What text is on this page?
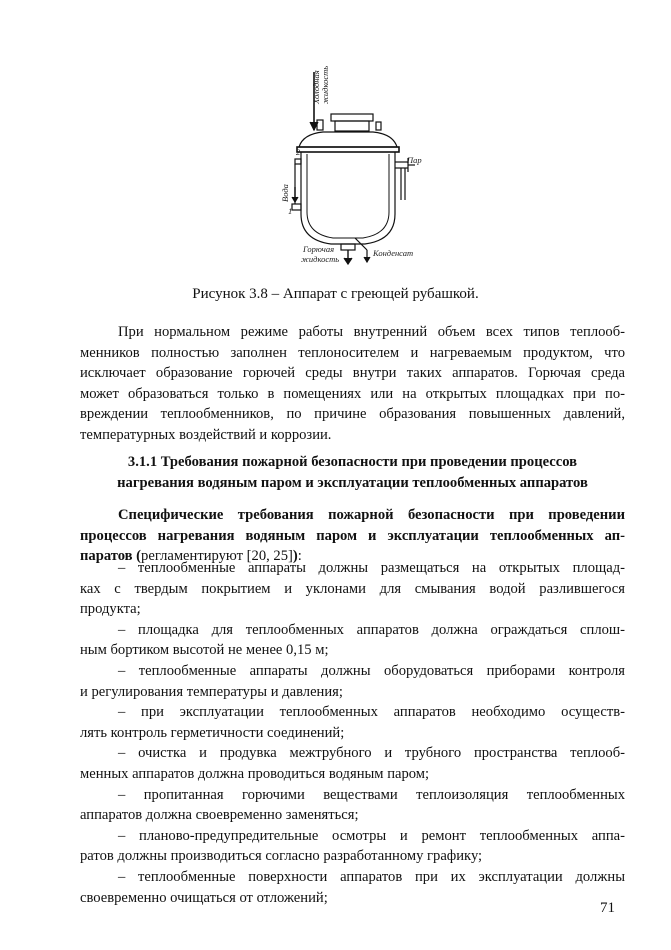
Холодная жидкость
Пар
Вода
2
1
Горючая
жидкость
Конденсат
Рисунок 3.8 – Аппарат с греющей рубашкой.
При нормальном режиме работы внутренний объем всех типов теплооб-
менников полностью заполнен теплоносителем и нагреваемым продуктом, что
исключает образование горючей среды внутри таких аппаратов. Горючая среда
может образоваться только в помещениях или на открытых площадках при по-
вреждении теплообменников, по причине образования повышенных давлений,
температурных воздействий и коррозии.
3.1.1 Требования пожарной безопасности при проведении процессов
нагревания водяным паром и эксплуатации теплообменных аппаратов
Специфические требования пожарной безопасности при проведении
процессов нагревания водяным паром и эксплуатации теплообменных ап-
паратов (регламентируют [20, 25]):
– теплообменные аппараты должны размещаться на открытых площад-
ках с твердым покрытием и уклонами для смывания водой разлившегося
продукта;
– площадка для теплообменных аппаратов должна ограждаться сплош-
ным бортиком высотой не менее 0,15 м;
– теплообменные аппараты должны оборудоваться приборами контроля
и регулирования температуры и давления;
– при эксплуатации теплообменных аппаратов необходимо осуществ-
лять контроль герметичности соединений;
– очистка и продувка межтрубного и трубного пространства теплооб-
менных аппаратов должна проводиться водяным паром;
– пропитанная горючими веществами теплоизоляция теплообменных
аппаратов должна своевременно заменяться;
– планово-предупредительные осмотры и ремонт теплообменных аппа-
ратов должны производиться согласно разработанному графику;
– теплообменные поверхности аппаратов при их эксплуатации должны
своевременно очищаться от отложений;
71
